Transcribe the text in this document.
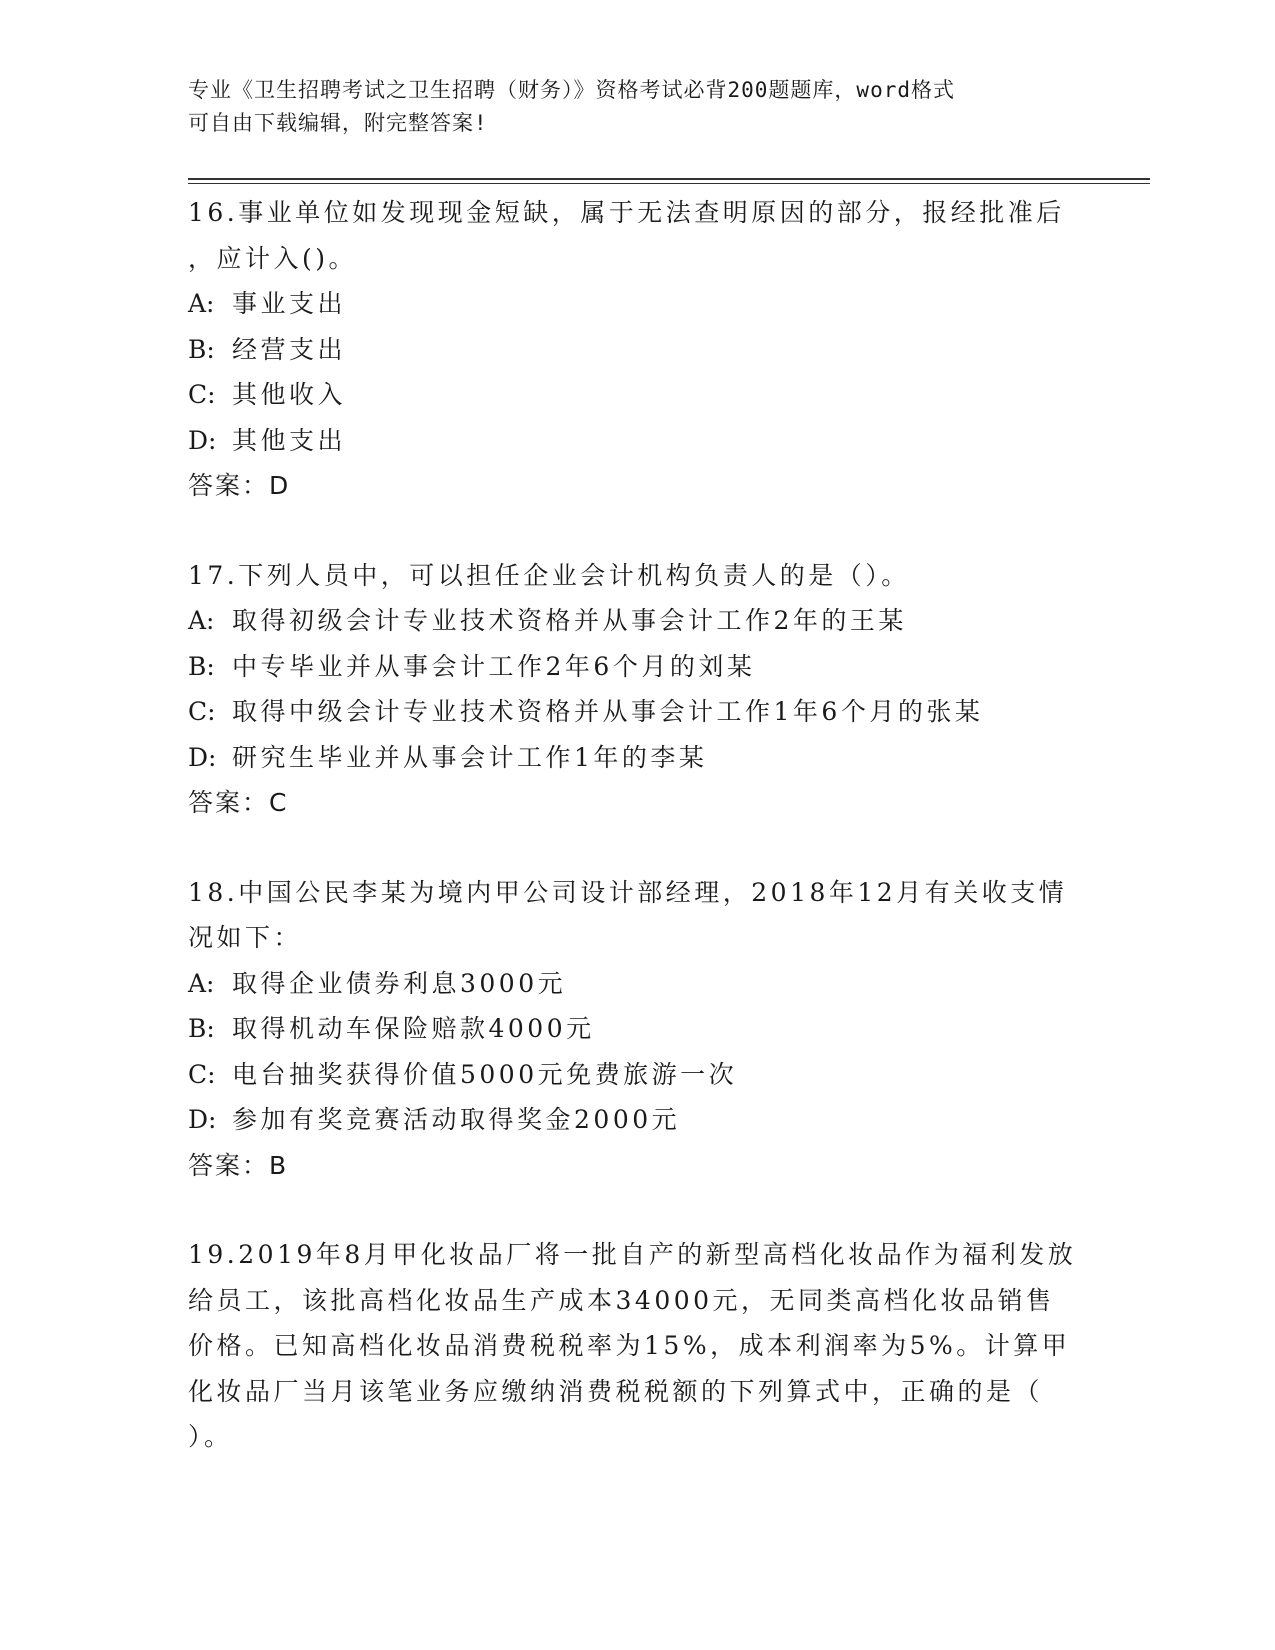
专业《卫生招聘考试之卫生招聘（财务）》资格考试必背200题题库，word格式
可自由下载编辑，附完整答案!
16.事业单位如发现现金短缺，属于无法查明原因的部分，报经批准后
，应计入()。
A: 事业支出
B: 经营支出
C: 其他收入
D: 其他支出
答案：D
17.下列人员中，可以担任企业会计机构负责人的是（）。
A: 取得初级会计专业技术资格并从事会计工作2年的王某
B: 中专毕业并从事会计工作2年6个月的刘某
C: 取得中级会计专业技术资格并从事会计工作1年6个月的张某
D: 研究生毕业并从事会计工作1年的李某
答案：C
18.中国公民李某为境内甲公司设计部经理，2018年12月有关收支情
况如下：
A: 取得企业债券利息3000元
B: 取得机动车保险赔款4000元
C: 电台抽奖获得价值5000元免费旅游一次
D: 参加有奖竞赛活动取得奖金2000元
答案：B
19.2019年8月甲化妆品厂将一批自产的新型高档化妆品作为福利发放
给员工，该批高档化妆品生产成本34000元，无同类高档化妆品销售
价格。已知高档化妆品消费税税率为15%，成本利润率为5%。计算甲
化妆品厂当月该笔业务应缴纳消费税税额的下列算式中，正确的是（
）。
